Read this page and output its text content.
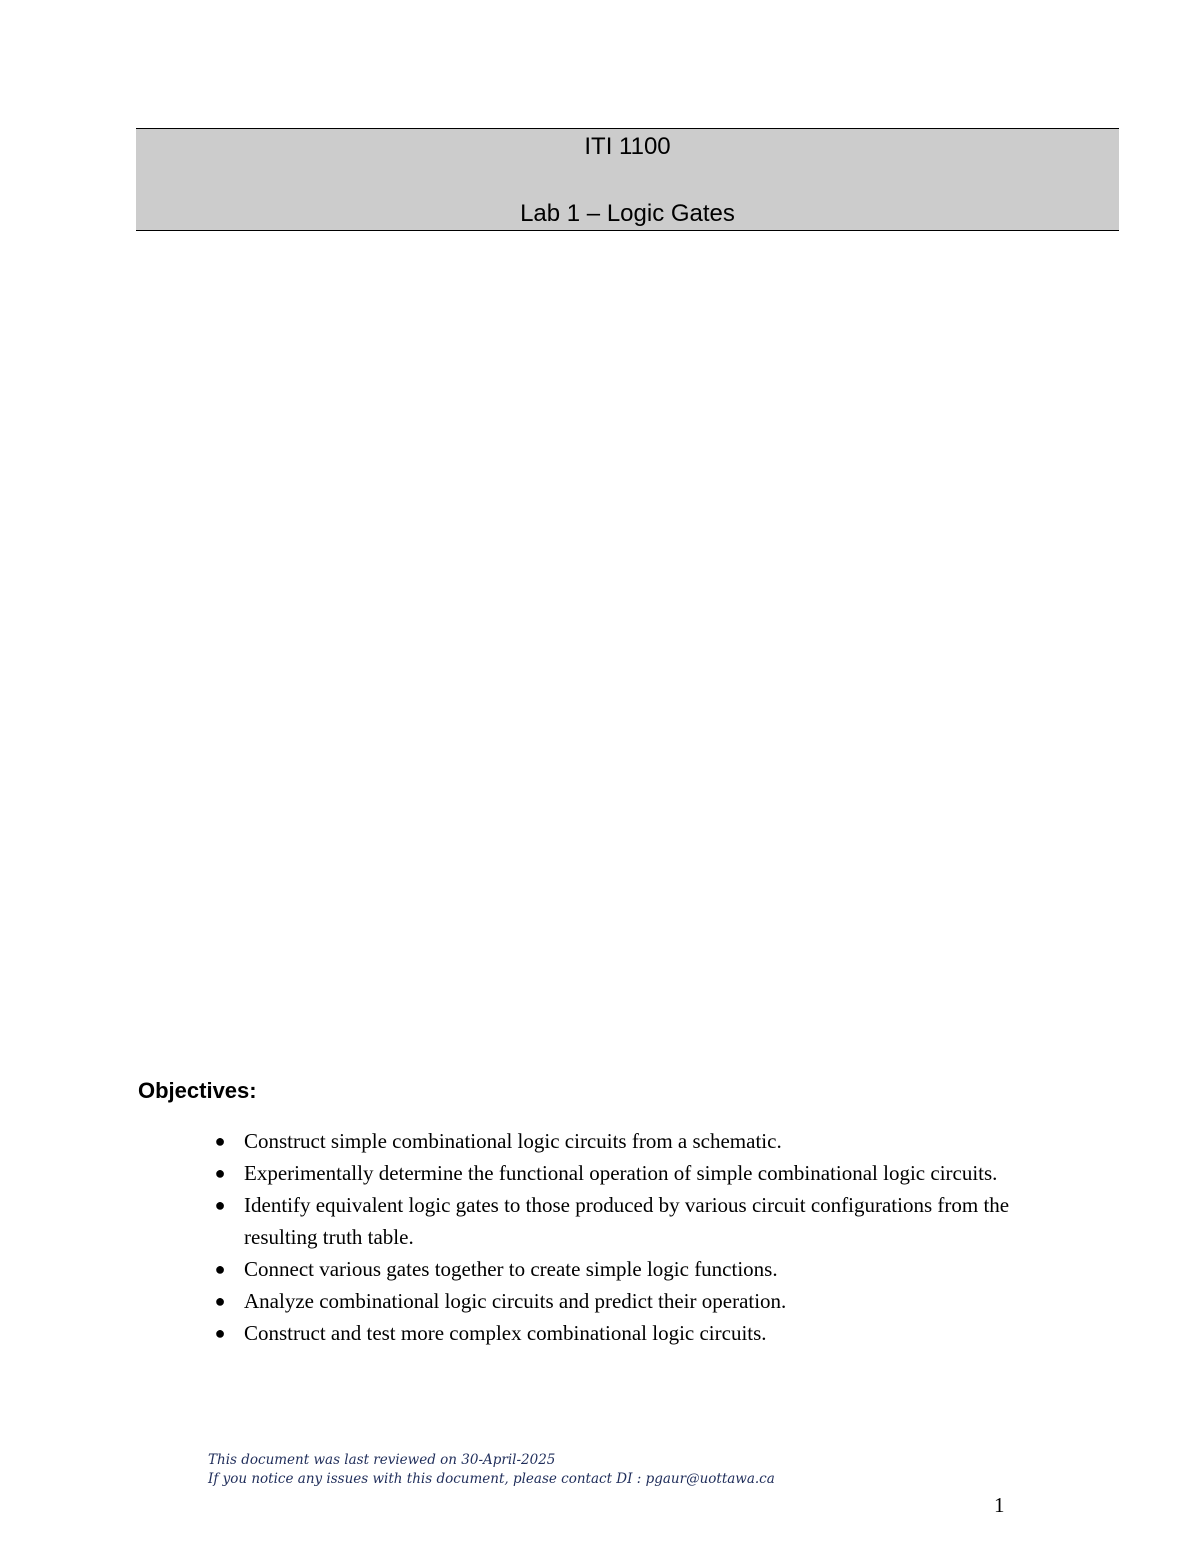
ITI 1100
Lab 1 – Logic Gates
Objectives:
● Construct simple combinational logic circuits from a schematic.
● Experimentally determine the functional operation of simple combinational logic circuits.
● Identify equivalent logic gates to those produced by various circuit configurations from the resulting truth table.
● Connect various gates together to create simple logic functions.
● Analyze combinational logic circuits and predict their operation.
● Construct and test more complex combinational logic circuits.
This document was last reviewed on 30-April-2025
If you notice any issues with this document, please contact DI : pgaur@uottawa.ca
1
